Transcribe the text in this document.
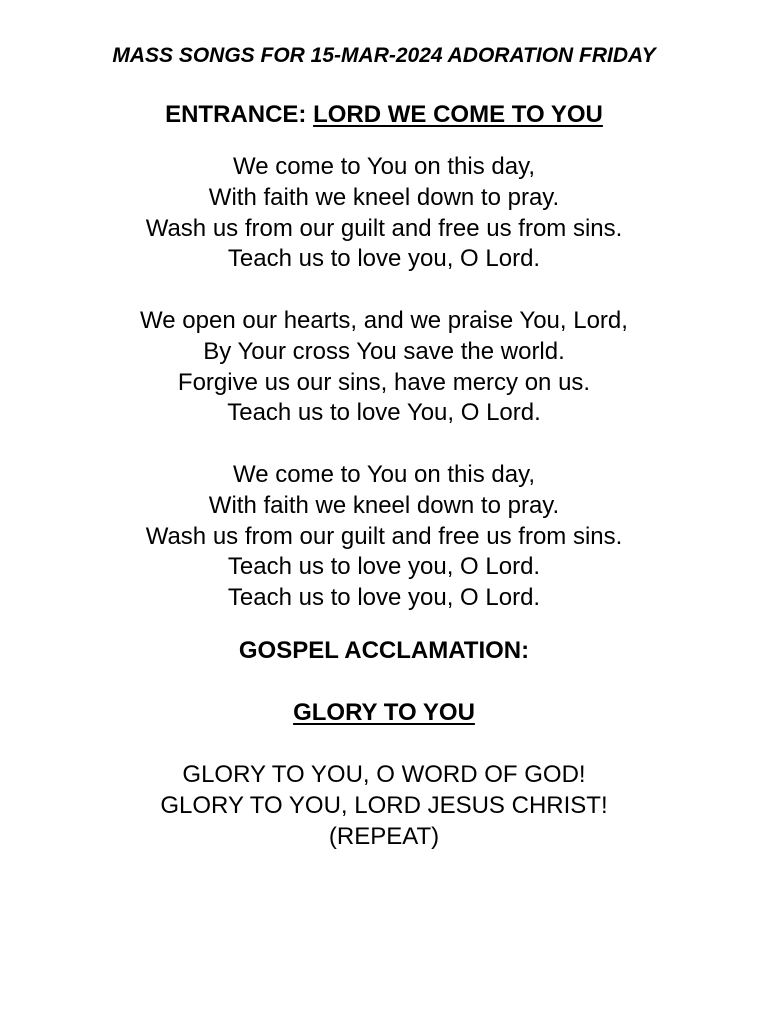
MASS SONGS FOR 15-MAR-2024 ADORATION FRIDAY
ENTRANCE: LORD WE COME TO YOU
We come to You on this day,
With faith we kneel down to pray.
Wash us from our guilt and free us from sins.
Teach us to love you, O Lord.
We open our hearts, and we praise You, Lord,
By Your cross You save the world.
Forgive us our sins, have mercy on us.
Teach us to love You, O Lord.
We come to You on this day,
With faith we kneel down to pray.
Wash us from our guilt and free us from sins.
Teach us to love you, O Lord.
Teach us to love you, O Lord.
GOSPEL ACCLAMATION:
GLORY TO YOU
GLORY TO YOU, O WORD OF GOD!
GLORY TO YOU, LORD JESUS CHRIST!
(REPEAT)
